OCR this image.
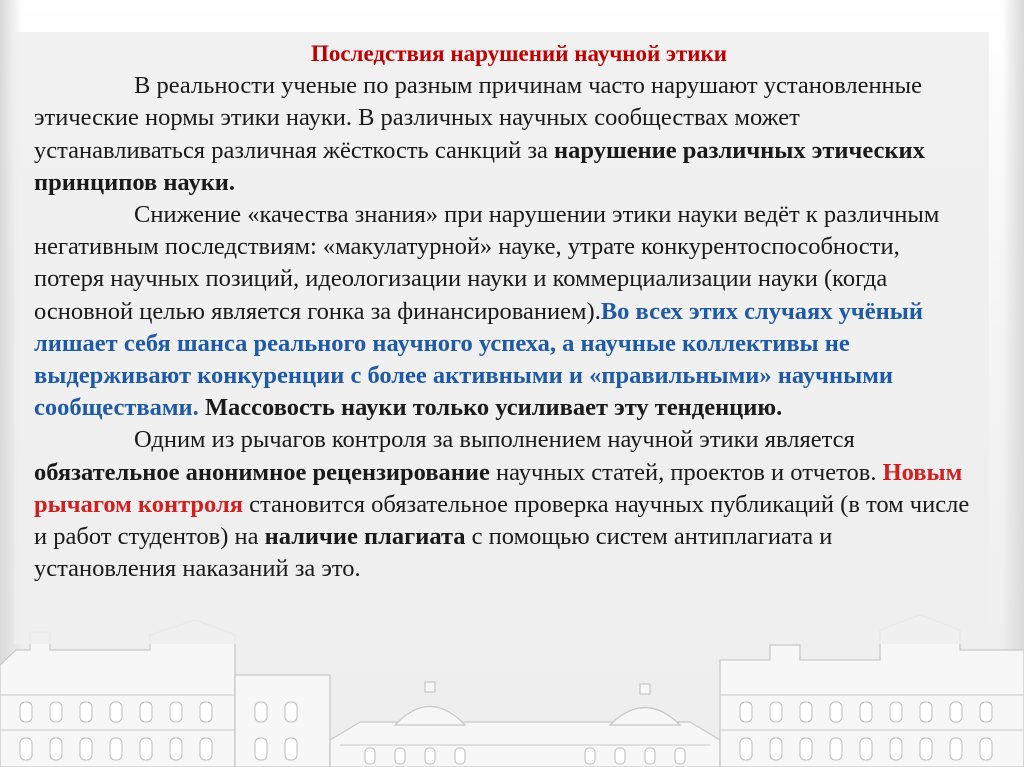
Последствия нарушений научной этики

В реальности ученые по разным причинам часто нарушают установленные этические нормы этики науки. В различных научных сообществах может устанавливаться различная жёсткость санкций за нарушение различных этических принципов науки.

Снижение «качества знания» при нарушении этики науки ведёт к различным негативным последствиям: «макулатурной» науке, утрате конкурентоспособности, потеря научных позиций, идеологизации науки и коммерциализации науки (когда основной целью является гонка за финансированием).Во всех этих случаях учёный лишает себя шанса реального научного успеха, а научные коллективы не выдерживают конкуренции с более активными и «правильными» научными сообществами. Массовость науки только усиливает эту тенденцию.

Одним из рычагов контроля за выполнением научной этики является обязательное анонимное рецензирование научных статей, проектов и отчетов. Новым рычагом контроля становится обязательное проверка научных публикаций (в том числе и работ студентов) на наличие плагиата с помощью систем антиплагиата и установления наказаний за это.
